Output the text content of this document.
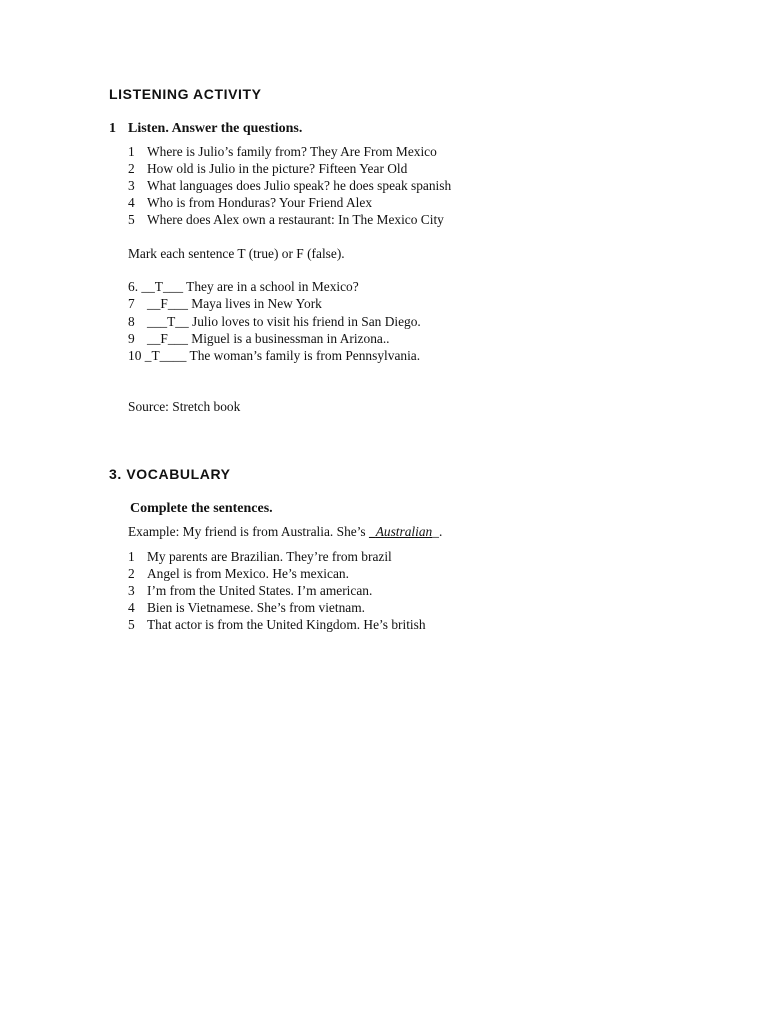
LISTENING ACTIVITY
1 Listen. Answer the questions.
1 Where is Julio’s family from? They Are From Mexico
2 How old is Julio in the picture? Fifteen Year Old
3 What languages does Julio speak? he does speak spanish
4 Who is from Honduras? Your Friend Alex
5 Where does Alex own a restaurant: In The Mexico City
Mark each sentence T (true) or F (false).
6. __T___ They are in a school in Mexico?
7 __F___ Maya lives in New York
8 ___T__ Julio loves to visit his friend in San Diego.
9 __F___ Miguel is a businessman in Arizona..
10 _T____ The woman’s family is from Pennsylvania.
Source: Stretch book
3. VOCABULARY
Complete the sentences.
Example: My friend is from Australia. She’s _Australian_.
1 My parents are Brazilian. They’re from brazil
2 Angel is from Mexico. He’s mexican.
3 I’m from the United States. I’m american.
4 Bien is Vietnamese. She’s from vietnam.
5 That actor is from the United Kingdom. He’s british
